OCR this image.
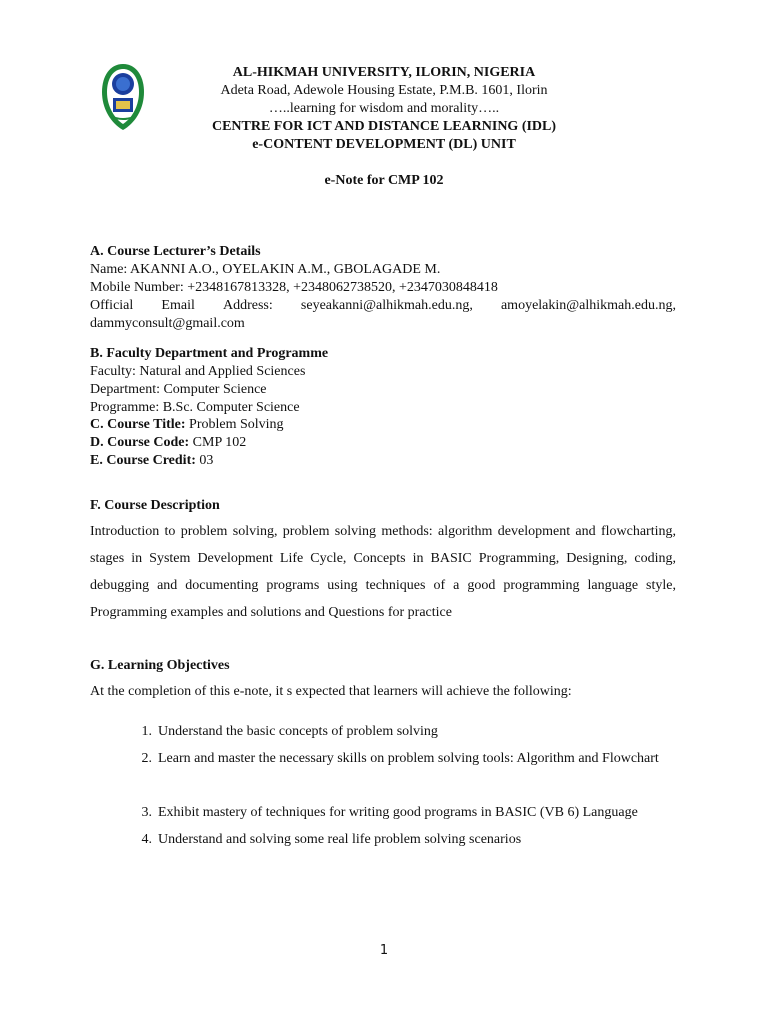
AL-HIKMAH UNIVERSITY, ILORIN, NIGERIA
Adeta Road, Adewole Housing Estate, P.M.B. 1601, Ilorin
…..learning for wisdom and morality…..
CENTRE FOR ICT AND DISTANCE LEARNING (IDL)
e-CONTENT DEVELOPMENT (DL) UNIT
e-Note for CMP 102
A. Course Lecturer’s Details
Name: AKANNI A.O., OYELAKIN A.M., GBOLAGADE M.
Mobile Number: +2348167813328, +2348062738520, +2347030848418
Official Email Address: seyeakanni@alhikmah.edu.ng, amoyelakin@alhikmah.edu.ng,
dammyconsult@gmail.com
B. Faculty Department and Programme
Faculty: Natural and Applied Sciences
Department: Computer Science
Programme: B.Sc. Computer Science
C. Course Title: Problem Solving
D. Course Code: CMP 102
E. Course Credit: 03
F. Course Description
Introduction to problem solving, problem solving methods: algorithm development and flowcharting, stages in System Development Life Cycle, Concepts in BASIC Programming, Designing, coding, debugging and documenting programs using techniques of a good programming language style, Programming examples and solutions and Questions for practice
G. Learning Objectives
At the completion of this e-note, it s expected that learners will achieve the following:
1. Understand the basic concepts of problem solving
2. Learn and master the necessary skills on problem solving tools: Algorithm and Flowchart
3. Exhibit mastery of techniques for writing good programs in BASIC (VB 6) Language
4. Understand and solving some real life problem solving scenarios
1
